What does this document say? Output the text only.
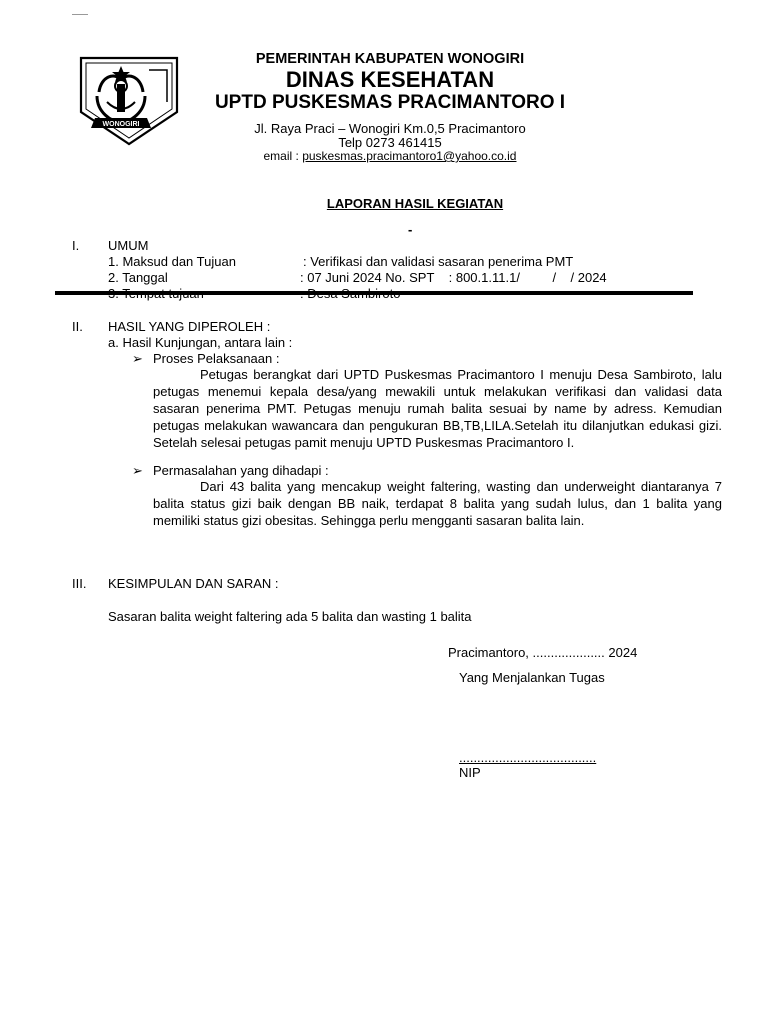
WONOGIRI
PEMERINTAH KABUPATEN WONOGIRI
DINAS KESEHATAN
UPTD PUSKESMAS PRACIMANTORO I
Jl. Raya Praci – Wonogiri Km.0,5 Pracimantoro
Telp 0273 461415
email : puskesmas.pracimantoro1@yahoo.co.id
LAPORAN HASIL KEGIATAN
-
I. UMUM
1. Maksud dan Tujuan	: Verifikasi dan validasi sasaran penerima PMT
2. Tanggal	: 07 Juni 2024 No. SPT    : 800.1.11.1/         /    / 2024
II. HASIL YANG DIPEROLEH :
a. Hasil Kunjungan, antara lain :
➢ Proses Pelaksanaan :
Petugas berangkat dari UPTD Puskesmas Pracimantoro I menuju Desa Sambiroto, lalu petugas menemui kepala desa/yang mewakili untuk melakukan verifikasi dan validasi data sasaran penerima PMT. Petugas menuju rumah balita sesuai by name by adress. Kemudian petugas melakukan wawancara dan pengukuran BB,TB,LILA.Setelah itu dilanjutkan edukasi gizi. Setelah selesai petugas pamit menuju UPTD Puskesmas Pracimantoro I.
➢ Permasalahan yang dihadapi :
Dari 43 balita yang mencakup weight faltering, wasting dan underweight diantaranya 7 balita status gizi baik dengan BB naik, terdapat 8 balita yang sudah lulus, dan 1 balita yang memiliki status gizi obesitas. Sehingga perlu mengganti sasaran balita lain.
III. KESIMPULAN DAN SARAN :
Sasaran balita weight faltering ada 5 balita dan wasting 1 balita
Pracimantoro, .................... 2024
Yang Menjalankan Tugas
......................................
NIP
